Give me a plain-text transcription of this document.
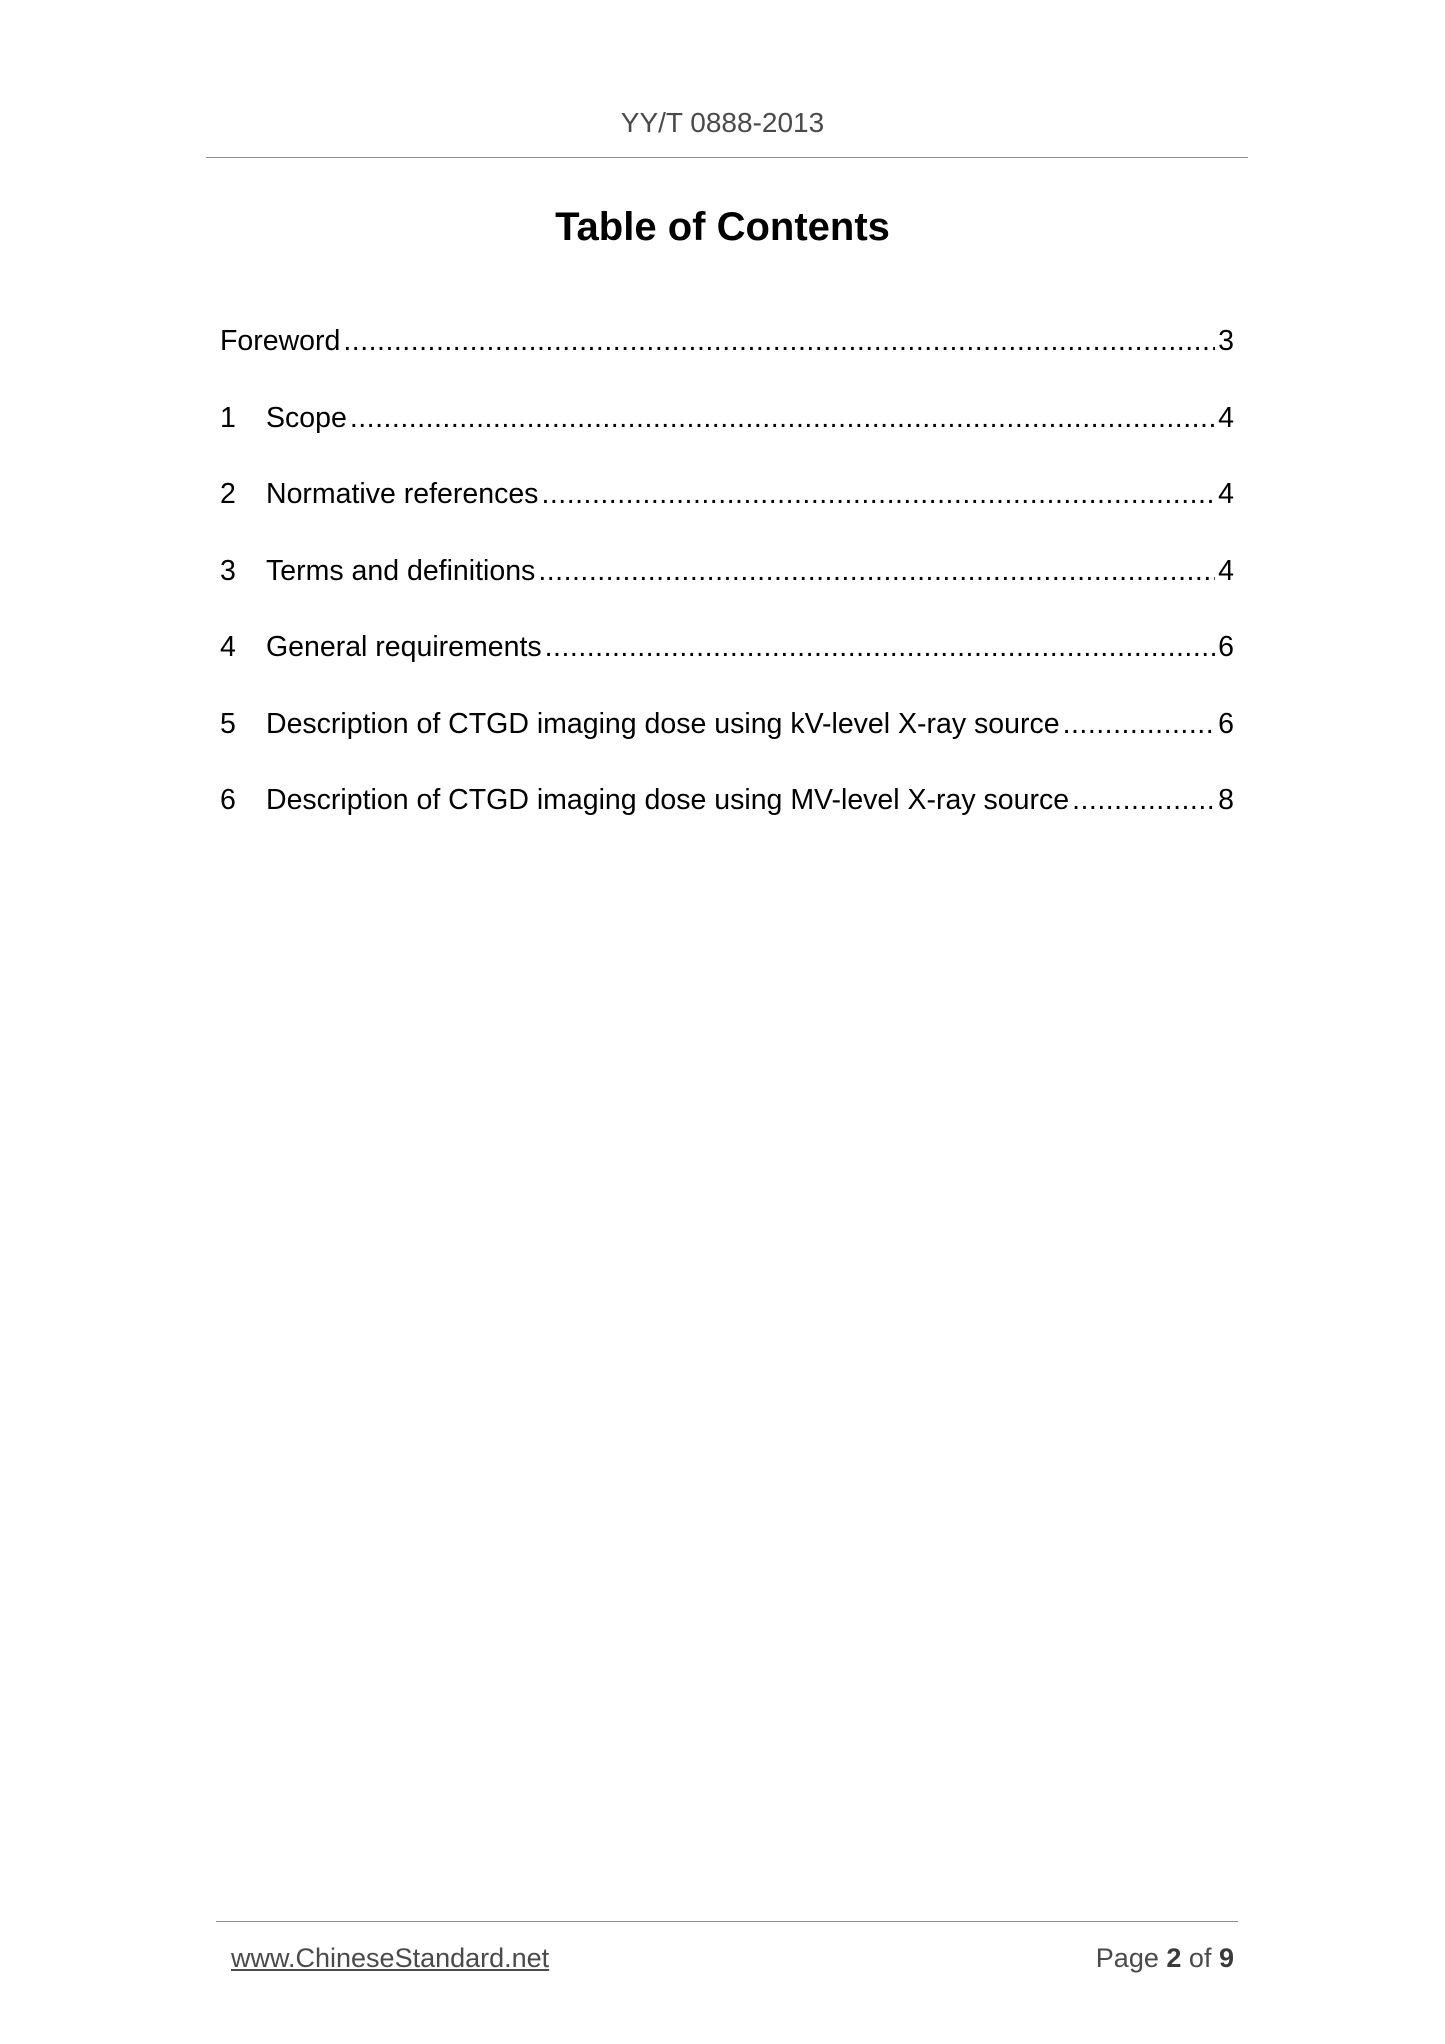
YY/T 0888-2013
Table of Contents
Foreword .....	3
1	Scope .....	4
2	Normative references .....	4
3	Terms and definitions .....	4
4	General requirements .....	6
5	Description of CTGD imaging dose using kV-level X-ray source .....	6
6	Description of CTGD imaging dose using MV-level X-ray source .....	8
www.ChineseStandard.net	Page 2 of 9
